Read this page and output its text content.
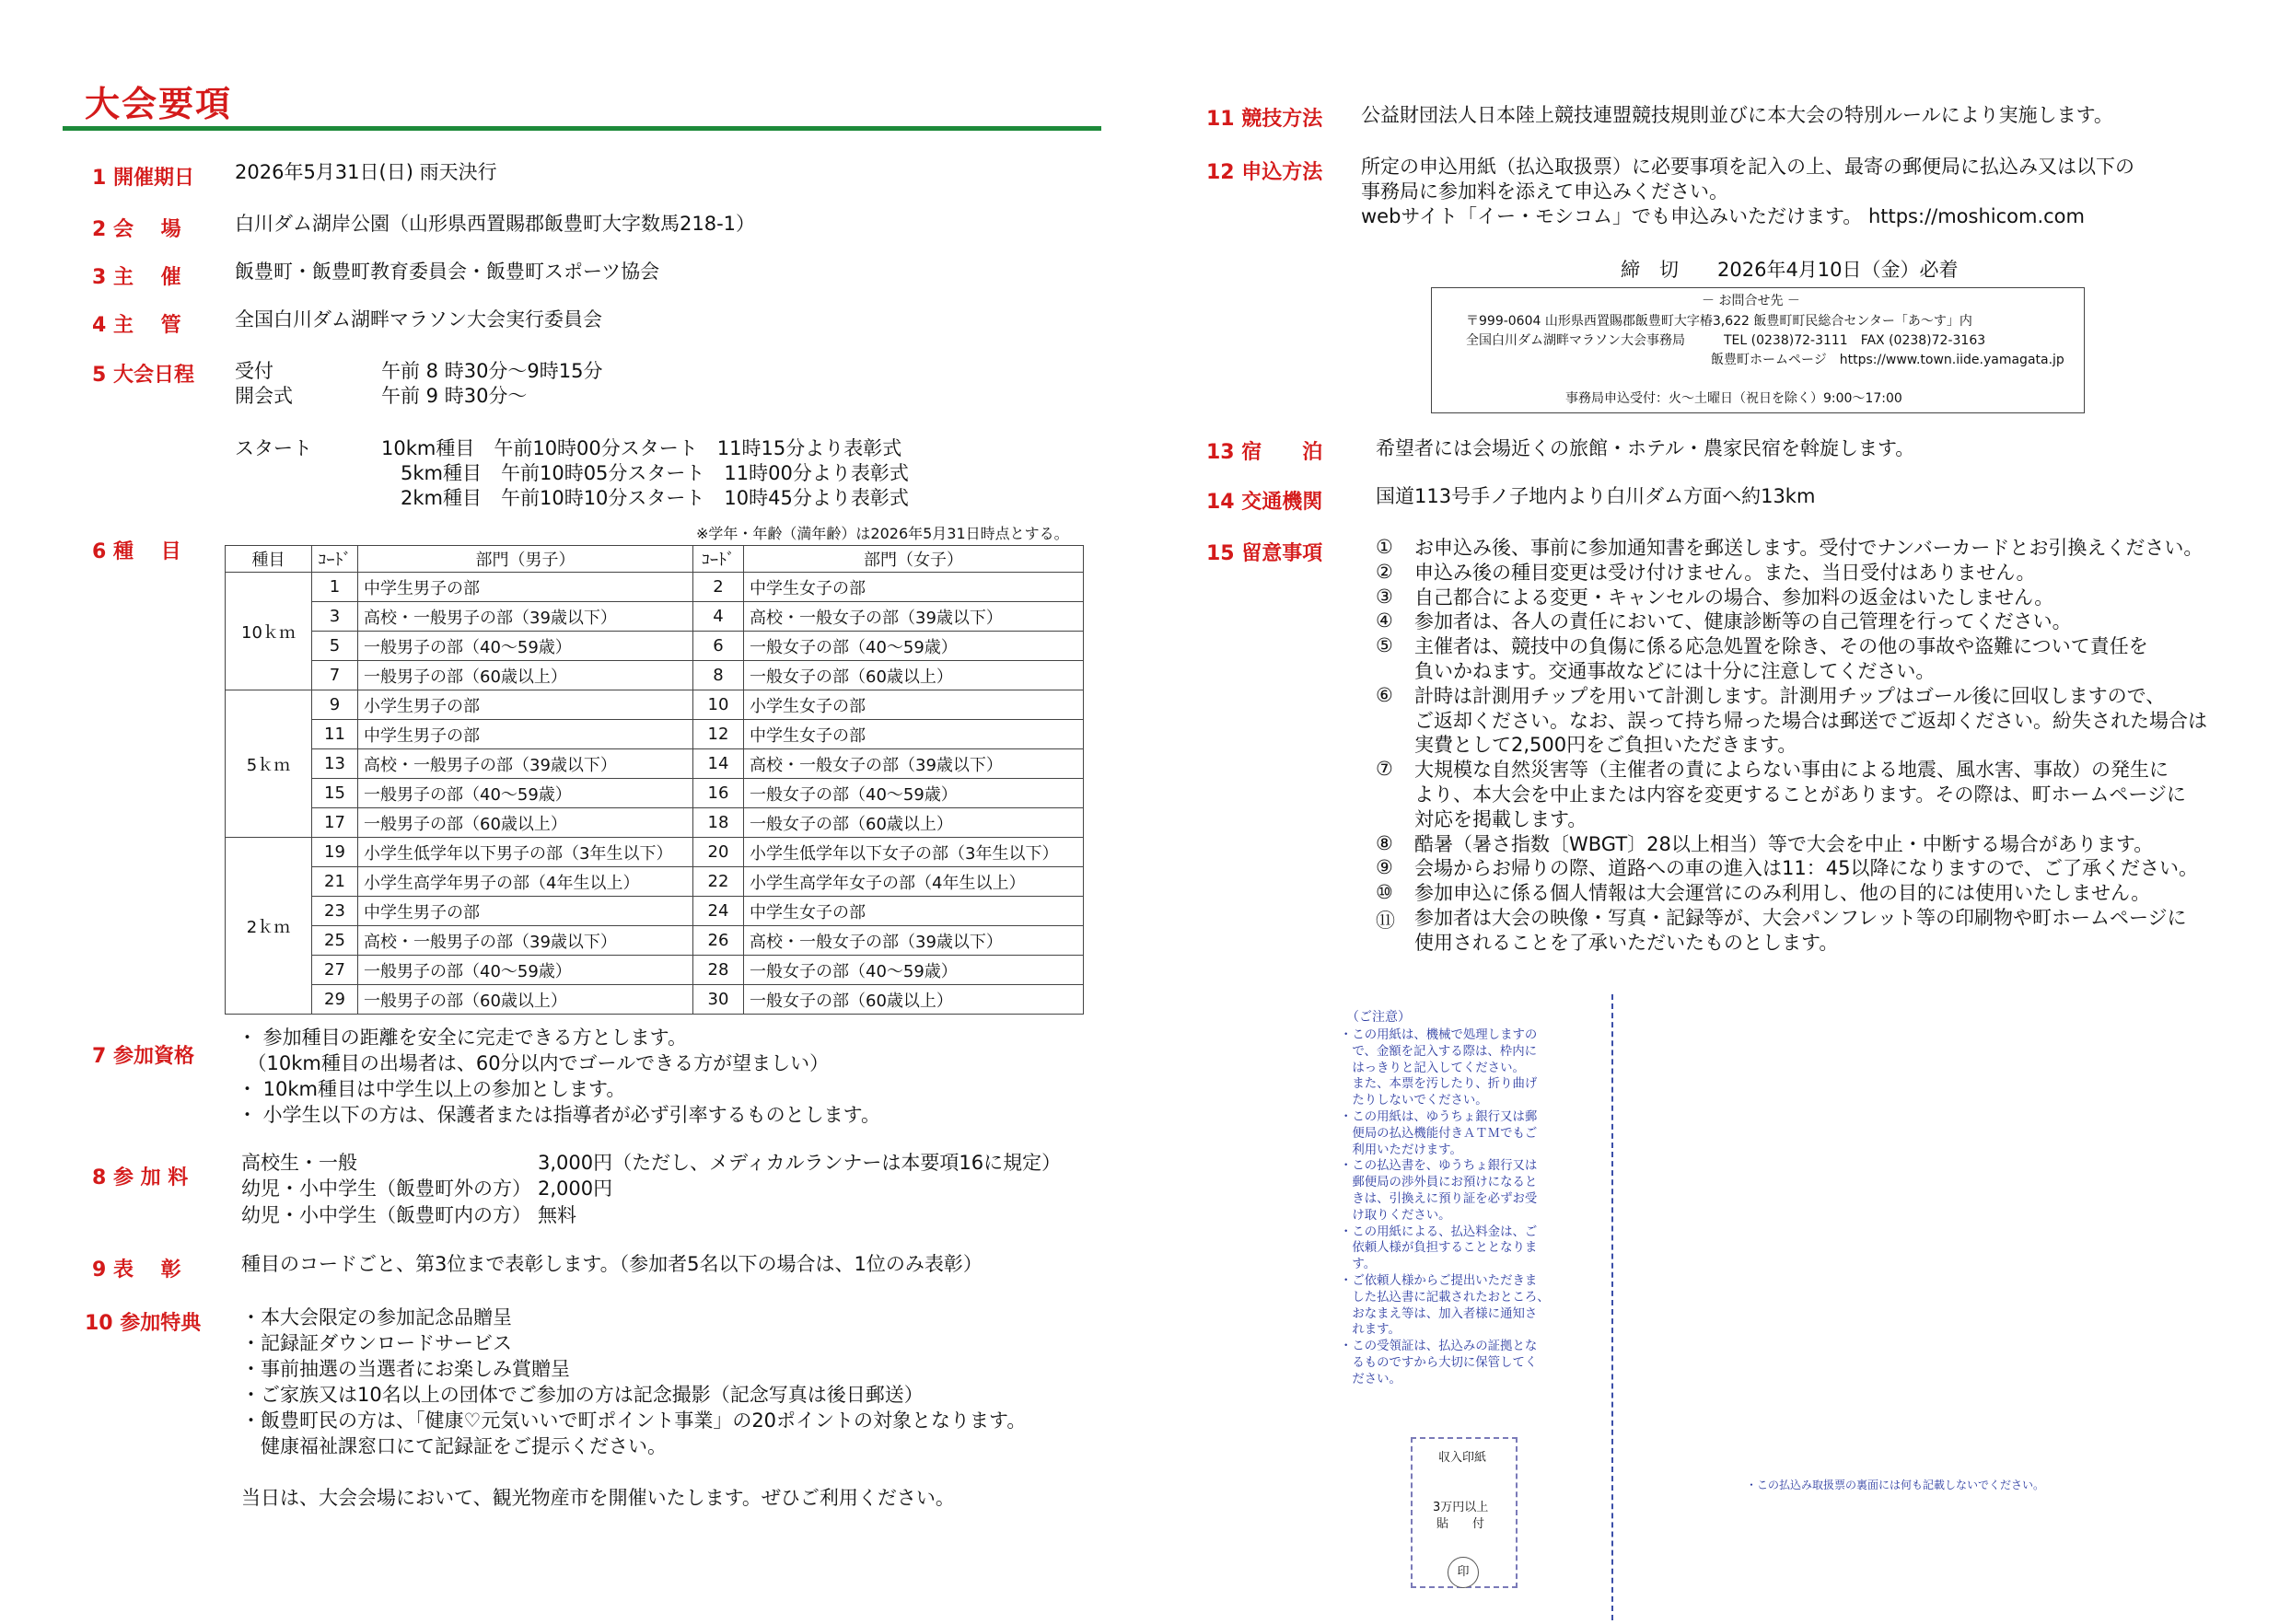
大会要項
1 開催期日 2026年5月31日(日) 雨天決行
2 会　 場	白川ダム湖岸公園（山形県西置賜郡飯豊町大字数馬218-1）
3 主　 催	飯豊町・飯豊町教育委員会・飯豊町スポーツ協会
4 主　 管	全国白川ダム湖畔マラソン大会実行委員会
5 大会日程 受付	午前 8 時30分～9時15分
開会式	午前 9 時30分～
スタート	10km種目　午前10時00分スタート　11時15分より表彰式
　5km種目　午前10時05分スタート　11時00分より表彰式
　2km種目　午前10時10分スタート　10時45分より表彰式
※学年・年齢（満年齢）は2026年5月31日時点とする。
6 種　 目	種目	ｺｰﾄﾞ	部門（男子）	ｺｰﾄﾞ	部門（女子）
10ｋｍ	1	中学生男子の部	2	中学生女子の部
	3	高校・一般男子の部（39歳以下）	4	高校・一般女子の部（39歳以下）
	5	一般男子の部（40～59歳）	6	一般女子の部（40～59歳）
	7	一般男子の部（60歳以上）	8	一般女子の部（60歳以上）
5ｋｍ	9	小学生男子の部	10	小学生女子の部
	11	中学生男子の部	12	中学生女子の部
	13	高校・一般男子の部（39歳以下）	14	高校・一般女子の部（39歳以下）
	15	一般男子の部（40～59歳）	16	一般女子の部（40～59歳）
	17	一般男子の部（60歳以上）	18	一般女子の部（60歳以上）
2ｋｍ	19	小学生低学年以下男子の部（3年生以下）	20	小学生低学年以下女子の部（3年生以下）
	21	小学生高学年男子の部（4年生以上）	22	小学生高学年女子の部（4年生以上）
	23	中学生男子の部	24	中学生女子の部
	25	高校・一般男子の部（39歳以下）	26	高校・一般女子の部（39歳以下）
	27	一般男子の部（40～59歳）	28	一般女子の部（40～59歳）
	29	一般男子の部（60歳以上）	30	一般女子の部（60歳以上）
7 参加資格
・ 参加種目の距離を安全に完走できる方とします。
　（10km種目の出場者は、60分以内でゴールできる方が望ましい）
・ 10km種目は中学生以上の参加とします。
・ 小学生以下の方は、保護者または指導者が必ず引率するものとします。
8 参 加 料
高校生・一般	3,000円（ただし、メディカルランナーは本要項16に規定）
幼児・小中学生（飯豊町外の方） 2,000円
幼児・小中学生（飯豊町内の方） 無料
9 表　 彰	種目のコードごと、第3位まで表彰します。（参加者5名以下の場合は、1位のみ表彰）
10 参加特典 ・本大会限定の参加記念品贈呈
・記録証ダウンロードサービス
・事前抽選の当選者にお楽しみ賞贈呈
・ご家族又は10名以上の団体でご参加の方は記念撮影（記念写真は後日郵送）
・飯豊町民の方は、「健康♡元気いいで町ポイント事業」の20ポイントの対象となります。
　健康福祉課窓口にて記録証をご提示ください。
当日は、大会会場において、観光物産市を開催いたします。ぜひご利用ください。
11 競技方法 公益財団法人日本陸上競技連盟競技規則並びに本大会の特別ルールにより実施します。
12 申込方法 所定の申込用紙（払込取扱票）に必要事項を記入の上、最寄の郵便局に払込み又は以下の
事務局に参加料を添えて申込みください。
webサイト「イー・モシコム」でも申込みいただけます。 https://moshicom.com
締　切　　2026年4月10日（金）必着
－ お問合せ先 －
〒999-0604 山形県西置賜郡飯豊町大字椿3,622 飯豊町町民総合センター「あ～す」内
全国白川ダム湖畔マラソン大会事務局　　　TEL (0238)72-3111　FAX (0238)72-3163
飯豊町ホームページ　https://www.town.iide.yamagata.jp
事務局申込受付：火～土曜日（祝日を除く）9:00～17:00
13 宿　　泊	希望者には会場近くの旅館・ホテル・農家民宿を斡旋します。
14 交通機関	国道113号手ノ子地内より白川ダム方面へ約13km
15 留意事項	①	お申込み後、事前に参加通知書を郵送します。受付でナンバーカードとお引換えください。
②	申込み後の種目変更は受け付けません。また、当日受付はありません。
③	自己都合による変更・キャンセルの場合、参加料の返金はいたしません。
④	参加者は、各人の責任において、健康診断等の自己管理を行ってください。
⑤	主催者は、競技中の負傷に係る応急処置を除き、その他の事故や盗難について責任を
負いかねます。交通事故などには十分に注意してください。
⑥	計時は計測用チップを用いて計測します。計測用チップはゴール後に回収しますので、
ご返却ください。なお、誤って持ち帰った場合は郵送でご返却ください。紛失された場合は
実費として2,500円をご負担いただきます。
⑦	大規模な自然災害等（主催者の責によらない事由による地震、風水害、事故）の発生に
より、本大会を中止または内容を変更することがあります。その際は、町ホームページに
対応を掲載します。
⑧	酷暑（暑さ指数〔WBGT〕28以上相当）等で大会を中止・中断する場合があります。
⑨	会場からお帰りの際、道路への車の進入は11：45以降になりますので、ご了承ください。
⑩	参加申込に係る個人情報は大会運営にのみ利用し、他の目的には使用いたしません。
⑪	参加者は大会の映像・写真・記録等が、大会パンフレット等の印刷物や町ホームページに
使用されることを了承いただいたものとします。
（ご注意）
・この用紙は、機械で処理しますの
　で、金額を記入する際は、枠内に
　はっきりと記入してください。
　また、本票を汚したり、折り曲げ
　たりしないでください。
・この用紙は、ゆうちょ銀行又は郵
　便局の払込機能付きＡＴＭでもご
　利用いただけます。
・この払込書を、ゆうちょ銀行又は
　郵便局の渉外員にお預けになると
　きは、引換えに預り証を必ずお受
　け取りください。
・この用紙による、払込料金は、ご
　依頼人様が負担することとなりま
　す。
・ご依頼人様からご提出いただきま
　した払込書に記載されたおところ、
　おなまえ等は、加入者様に通知さ
　れます。
・この受領証は、払込みの証拠とな
　るものですから大切に保管してく
　ださい。
収入印紙
3万円以上
貼　　付
印
・この払込み取扱票の裏面には何も記載しないでください。
